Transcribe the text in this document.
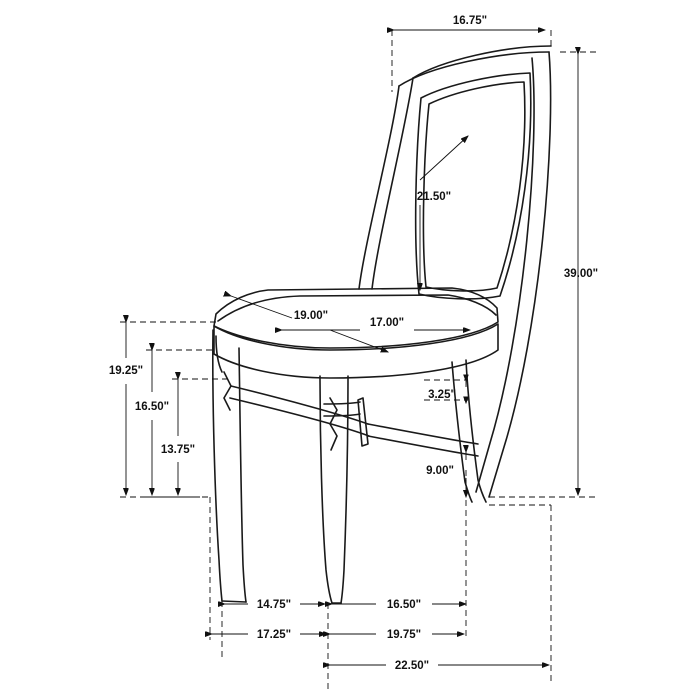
16.75"
21.50"
39.00"
19.00"
17.00"
19.25"
16.50"
13.75"
3.25"
9.00"
14.75"	16.50"
17.25"	19.75"
22.50"
